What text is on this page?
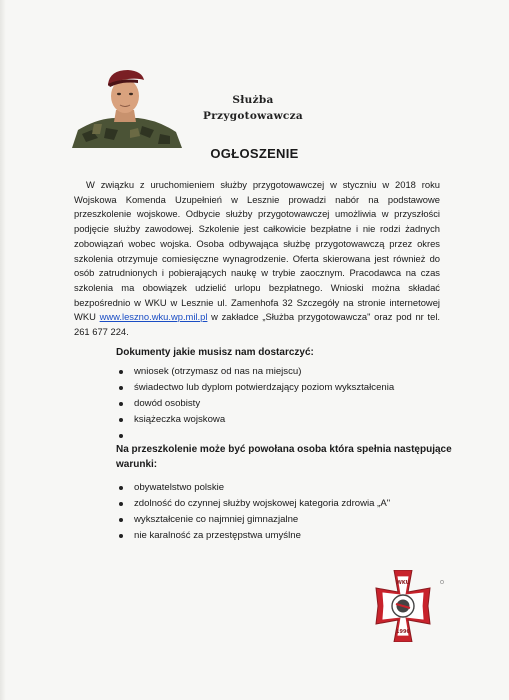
Służba
Przygotowawcza
OGŁOSZENIE

W związku z uruchomieniem służby przygotowawczej w styczniu w 2018 roku Wojskowa Komenda Uzupełnień w Lesznie prowadzi nabór na podstawowe przeszkolenie wojskowe. Odbycie służby przygotowawczej umożliwia w przyszłości podjęcie służby zawodowej. Szkolenie jest całkowicie bezpłatne i nie rodzi żadnych zobowiązań wobec wojska. Osoba odbywająca służbę przygotowawczą przez okres szkolenia otrzymuje comiesięczne wynagrodzenie. Oferta skierowana jest również do osób zatrudnionych i pobierających naukę w trybie zaocznym. Pracodawca na czas szkolenia ma obowiązek udzielić urlopu bezpłatnego. Wnioski można składać bezpośrednio w WKU w Lesznie ul. Zamenhofa 32 Szczegóły na stronie internetowej WKU www.leszno.wku.wp.mil.pl w zakładce „Służba przygotowawcza" oraz pod nr tel. 261 677 224.

Dokumenty jakie musisz nam dostarczyć:

wniosek (otrzymasz od nas na miejscu)
świadectwo lub dyplom potwierdzający poziom wykształcenia
dowód osobisty
książeczka wojskowa

Na przeszkolenie może być powołana osoba która spełnia następujące
warunki:

obywatelstwo polskie
zdolność do czynnej służby wojskowej kategoria zdrowia „A"
wykształcenie co najmniej gimnazjalne
nie karalność za przestępstwa umyślne
WKU
1990
